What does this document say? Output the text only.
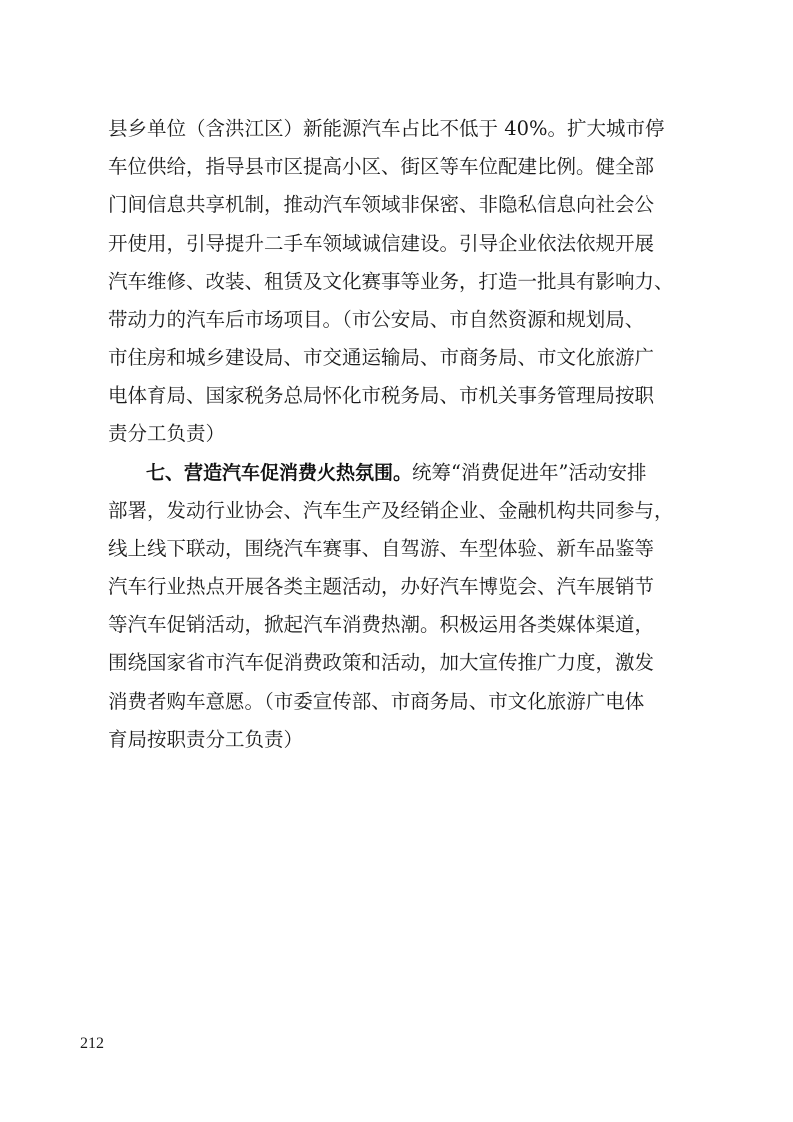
县乡单位（含洪江区）新能源汽车占比不低于 40%。扩大城市停
车位供给，指导县市区提高小区、街区等车位配建比例。健全部
门间信息共享机制，推动汽车领域非保密、非隐私信息向社会公
开使用，引导提升二手车领域诚信建设。引导企业依法依规开展
汽车维修、改装、租赁及文化赛事等业务，打造一批具有影响力、
带动力的汽车后市场项目。（市公安局、市自然资源和规划局、
市住房和城乡建设局、市交通运输局、市商务局、市文化旅游广
电体育局、国家税务总局怀化市税务局、市机关事务管理局按职
责分工负责）
七、营造汽车促消费火热氛围。统筹“消费促进年”活动安排
部署，发动行业协会、汽车生产及经销企业、金融机构共同参与，
线上线下联动，围绕汽车赛事、自驾游、车型体验、新车品鉴等
汽车行业热点开展各类主题活动，办好汽车博览会、汽车展销节
等汽车促销活动，掀起汽车消费热潮。积极运用各类媒体渠道，
围绕国家省市汽车促消费政策和活动，加大宣传推广力度，激发
消费者购车意愿。（市委宣传部、市商务局、市文化旅游广电体
育局按职责分工负责）
212
